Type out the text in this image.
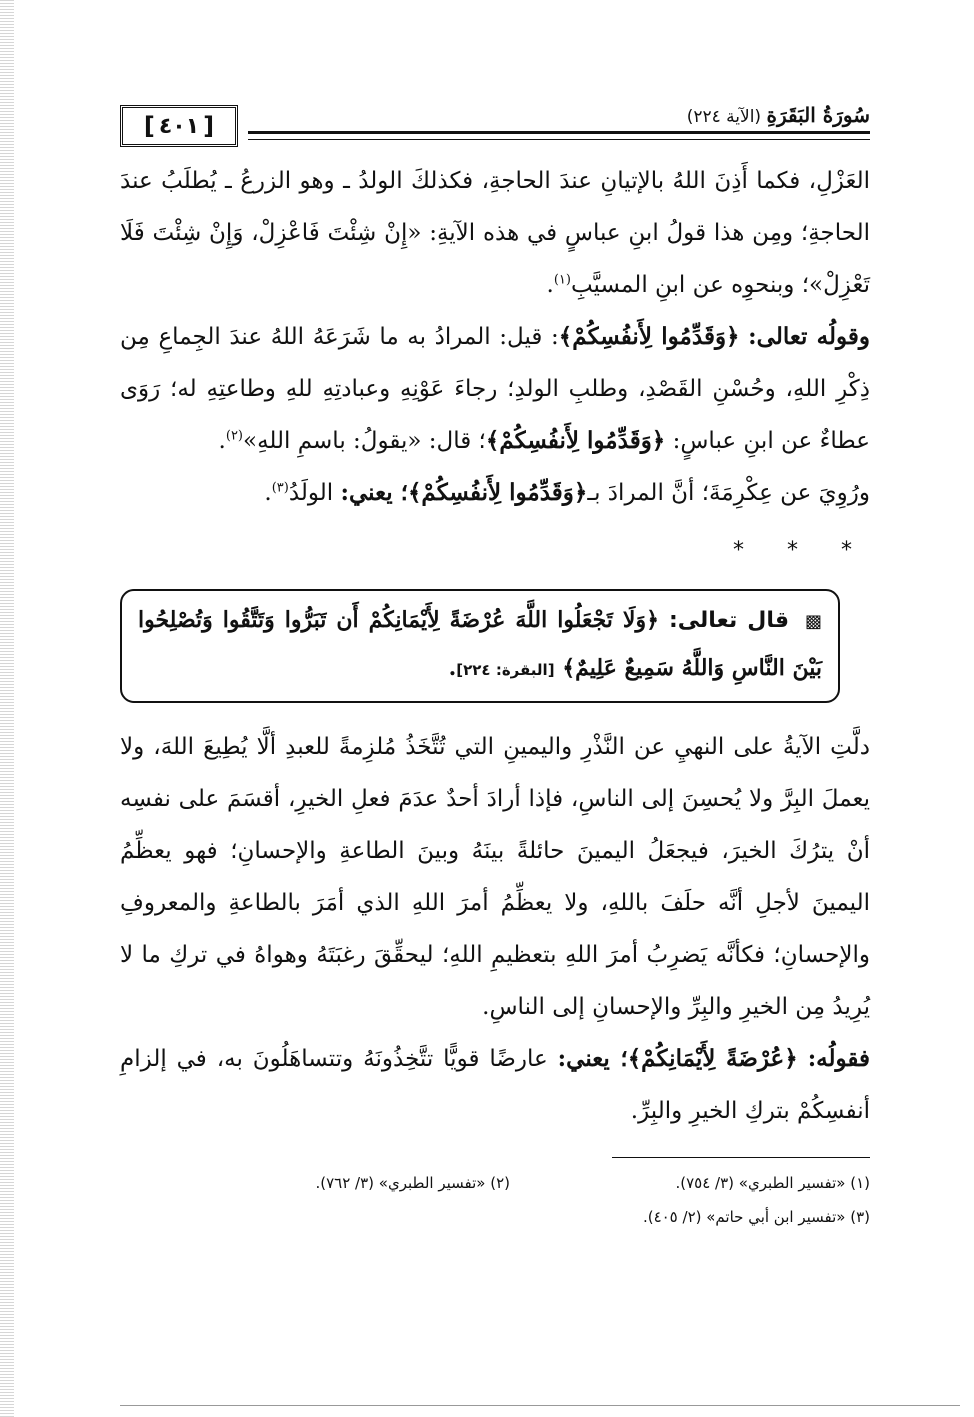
سُورَةُ البَقَرَةِ (الآية ٢٢٤)
[ ٤٠١ ]

العَزْلِ، فكما أَذِنَ اللهُ بالإتيانِ عندَ الحاجةِ، فكذلكَ الولدُ ـ وهو الزرعُ ـ يُطلَبُ عندَ الحاجةِ؛ ومِن هذا قولُ ابنِ عباسٍ في هذه الآيةِ: «إِنْ شِئْتَ فَاعْزِلْ، وَإِنْ شِئْتَ فَلَا تَعْزِلْ»؛ وبنحوِه عن ابنِ المسيَّبِ$^{(١)}$.

وقولُه تعالى: ﴿وَقَدِّمُوا لِأَنفُسِكُمْ﴾: قيل: المرادُ به ما شَرَعَهُ اللهُ عندَ الجِماعِ مِن ذِكْرِ اللهِ، وحُسْنِ القَصْدِ، وطلبِ الولدِ؛ رجاءَ عَوْنِهِ وعبادتِهِ للهِ وطاعتِهِ له؛ رَوَى عطاءٌ عن ابنِ عباسٍ: ﴿وَقَدِّمُوا لِأَنفُسِكُمْ﴾؛ قال: «يقولُ: باسمِ اللهِ»$^{(٢)}$.

ورُوِيَ عن عِكْرِمَةَ؛ أنَّ المرادَ بـ﴿وَقَدِّمُوا لِأَنفُسِكُمْ﴾؛ يعني: الولَدُ$^{(٣)}$.

* * *
▩ قال تعالى: ﴿وَلَا تَجْعَلُوا اللَّهَ عُرْضَةً لِأَيْمَانِكُمْ أَن تَبَرُّوا وَتَتَّقُوا وَتُصْلِحُوا بَيْنَ النَّاسِ وَاللَّهُ سَمِيعٌ عَلِيمٌ﴾ [البقرة: ٢٢٤].

دلَّتِ الآيةُ على النهيِ عن النَّذْرِ واليمينِ التي تُتَّخَذُ مُلزِمةً للعبدِ ألَّا يُطِيعَ اللهَ، ولا يعملَ البِرَّ ولا يُحسِنَ إلى الناسِ، فإذا أرادَ أحدٌ عدَمَ فعلِ الخيرِ، أقسَمَ على نفسِه أنْ يترُكَ الخيرَ، فيجعَلُ اليمينَ حائلةً بينَهُ وبينَ الطاعةِ والإحسانِ؛ فهو يعظِّمُ اليمينَ لأجلِ أنَّه حلَفَ باللهِ، ولا يعظِّمُ أمرَ اللهِ الذي أمَرَ بالطاعةِ والمعروفِ والإحسانِ؛ فكأنَّه يَضرِبُ أمرَ اللهِ بتعظيمِ اللهِ؛ ليحقِّقَ رغبَتَهُ وهواهُ في تركِ ما لا يُرِيدُ مِن الخيرِ والبِرِّ والإحسانِ إلى الناسِ.

فقولُه: ﴿عُرْضَةً لِأَيْمَانِكُمْ﴾؛ يعني: عارضًا قويًّا تتَّخِذُونَهُ وتتساهَلُونَ به، في إلزامِ أنفسِكُمْ بتركِ الخيرِ والبِرِّ.

(١) «تفسير الطبري» (٣/ ٧٥٤).
(٢) «تفسير الطبري» (٣/ ٧٦٢).
(٣) «تفسير ابن أبي حاتم» (٢/ ٤٠٥).
